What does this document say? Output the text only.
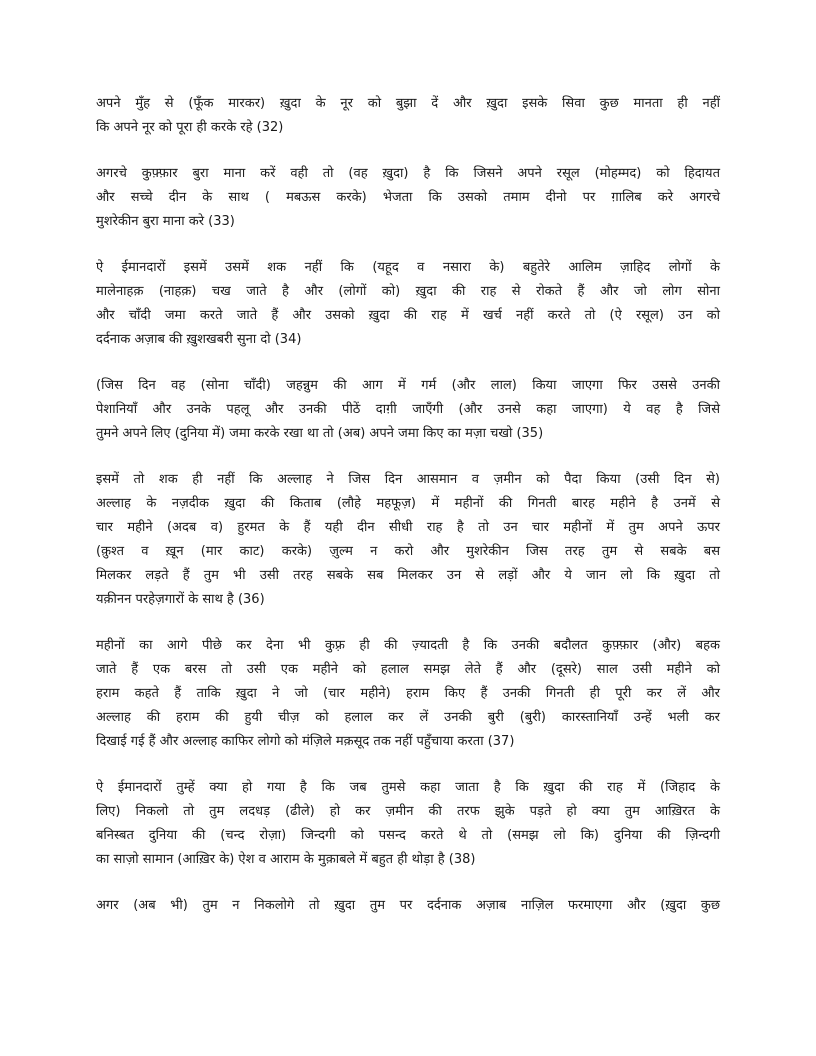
अपने मुँह से (फूँक मारकर) ख़ुदा के नूर को बुझा दें और ख़ुदा इसके सिवा कुछ मानता ही नहीं
कि अपने नूर को पूरा ही करके रहे (32)

अगरचे कुफ़्फ़ार बुरा माना करें वही तो (वह ख़ुदा) है कि जिसने अपने रसूल (मोहम्मद) को हिदायत
और सच्चे दीन के साथ ( मबऊस करके) भेजता कि उसको तमाम दीनो पर ग़ालिब करे अगरचे
मुशरेकीन बुरा माना करे (33)

ऐ ईमानदारों इसमें उसमें शक नहीं कि (यहूद व नसारा के) बहुतेरे आलिम ज़ाहिद लोगों के
मालेनाहक़ (नाहक़) चख जाते है और (लोगों को) ख़ुदा की राह से रोकते हैं और जो लोग सोना
और चाँदी जमा करते जाते हैं और उसको ख़ुदा की राह में खर्च नहीं करते तो (ऐ रसूल) उन को
दर्दनाक अज़ाब की ख़ुशखबरी सुना दो (34)

(जिस दिन वह (सोना चाँदी) जहन्नुम की आग में गर्म (और लाल) किया जाएगा फिर उससे उनकी
पेशानियाँ और उनके पहलू और उनकी पीठें दाग़ी जाएँगी (और उनसे कहा जाएगा) ये वह है जिसे
तुमने अपने लिए (दुनिया में) जमा करके रखा था तो (अब) अपने जमा किए का मज़ा चखो (35)

इसमें तो शक ही नहीं कि अल्लाह ने जिस दिन आसमान व ज़मीन को पैदा किया (उसी दिन से)
अल्लाह के नज़दीक ख़ुदा की किताब (लौहे महफूज़) में महीनों की गिनती बारह महीने है उनमें से
चार महीने (अदब व) हुरमत के हैं यही दीन सीधी राह है तो उन चार महीनों में तुम अपने ऊपर
(क़ुश्त व ख़ून (मार काट) करके) ज़ुल्म न करो और मुशरेकीन जिस तरह तुम से सबके बस
मिलकर लड़ते हैं तुम भी उसी तरह सबके सब मिलकर उन से लड़ों और ये जान लो कि ख़ुदा तो
यक़ीनन परहेज़गारों के साथ है (36)

महीनों का आगे पीछे कर देना भी कुफ़्र ही की ज़्यादती है कि उनकी बदौलत कुफ़्फ़ार (और) बहक
जाते हैं एक बरस तो उसी एक महीने को हलाल समझ लेते हैं और (दूसरे) साल उसी महीने को
हराम कहते हैं ताकि ख़ुदा ने जो (चार महीने) हराम किए हैं उनकी गिनती ही पूरी कर लें और
अल्लाह की हराम की हुयी चीज़ को हलाल कर लें उनकी बुरी (बुरी) कारस्तानियाँ उन्हें भली कर
दिखाई गई हैं और अल्लाह काफिर लोगो को मंज़िले मक़सूद तक नहीं पहुँचाया करता (37)

ऐ ईमानदारों तुम्हें क्या हो गया है कि जब तुमसे कहा जाता है कि ख़ुदा की राह में (जिहाद के
लिए) निकलो तो तुम लदधड़ (ढीले) हो कर ज़मीन की तरफ झुके पड़ते हो क्या तुम आख़िरत के
बनिस्बत दुनिया की (चन्द रोज़ा) जिन्दगी को पसन्द करते थे तो (समझ लो कि) दुनिया की ज़िन्दगी
का साज़ो सामान (आख़िर के) ऐश व आराम के मुक़ाबले में बहुत ही थोड़ा है (38)

अगर (अब भी) तुम न निकलोगे तो ख़ुदा तुम पर दर्दनाक अज़ाब नाज़िल फरमाएगा और (ख़ुदा कुछ
